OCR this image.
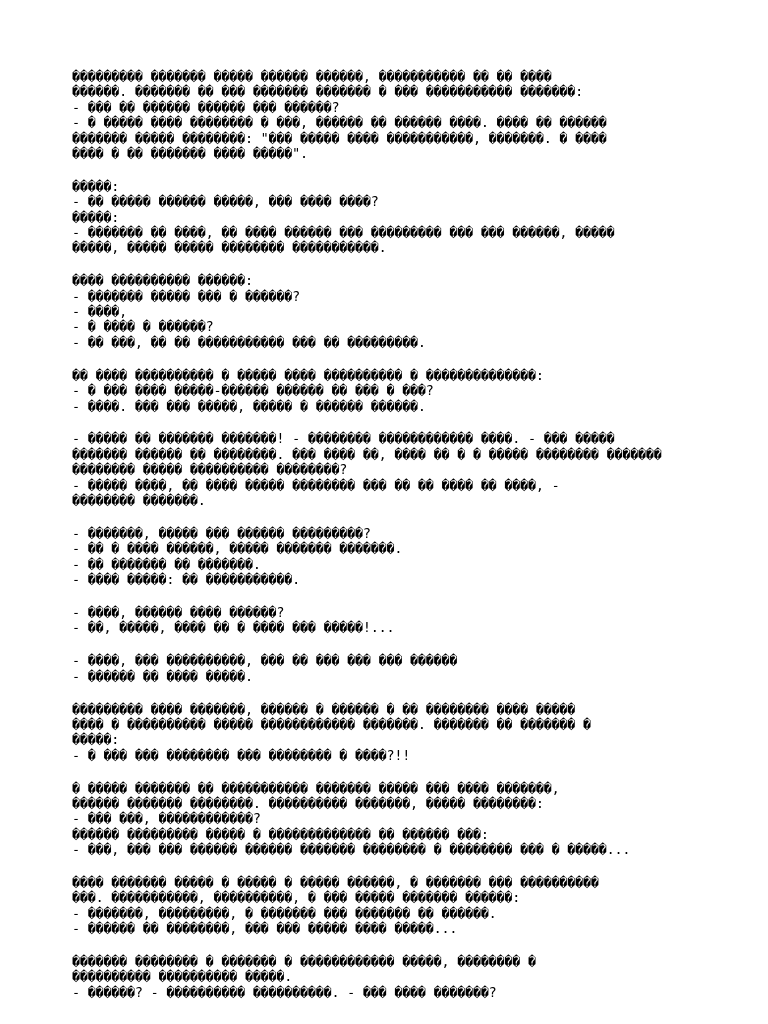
��������� ������� ����� ������ ������, ����������� �� �� ����
������. ������� �� ��� ������� ������� � ��� ����������� �������:
- ��� �� ������ ������ ��� ������?
- � ����� ���� �������� � ���, ������ �� ������ ����. ���� �� ������
������� ����� ��������: "��� ����� ���� �����������, �������. � ����
���� � �� ������� ���� �����".
�����:
- �� ����� ������ �����, ��� ���� ����?
�����:
- ������� �� ����, �� ���� ������ ��� ��������� ��� ��� ������, �����
�����, ����� ����� �������� �����������.
���� ���������� ������:
- ������� ����� ��� � ������?
- ����,
- � ���� � ������?
- �� ���, �� �� ����������� ��� �� ���������.
�� ���� ���������� � ����� ���� ���������� � ��������������:
- � ��� ���� �����-������ ������ �� ��� � ���?
- ����. ��� ��� �����, ����� � ������ ������.
- ����� �� ������� �������! - �������� ������������ ����. - ��� �����
������� ������ �� ��������. ��� ���� ��, ���� �� � � ����� �������� �������
�������� ����� ���������� ��������?
- ����� ����, �� ���� ����� �������� ��� �� �� ���� �� ����, -
�������� �������.
- �������, ����� ��� ������ ���������?
- �� � ���� ������, ����� ������� �������.
- �� ������� �� �������.
- ���� �����: �� �����������.
- ����, ������ ���� ������?
- ��, �����, ���� �� � ���� ��� �����!...
- ����, ��� ����������, ��� �� ��� ��� ��� ������
- ������ �� ���� �����.
��������� ���� �������, ������ � ������ � �� �������� ���� �����
���� � ���������� ����� ������������ �������. ������� �� ������� �
�����:
- � ��� ��� �������� ��� �������� � ����?!!
� ����� ������� �� ����������� ������� ����� ��� ���� �������,
������ ������� ��������. ���������� �������, ����� ��������:
- ��� ���, ������������?
������ ��������� ����� � ������������� �� ������ ���:
- ���, ��� ��� ������ ������ ������� �������� � �������� ��� � �����...
���� ������� ����� � ����� � ����� ������, � ������� ��� ����������
���. �����������, ����������, � ��� ����� ������� ������:
- �������, ���������, � ������� ��� ������� �� ������.
- ������ �� ��������, ��� ��� ����� ���� �����...
������� �������� � ������� � ������������ �����, �������� �
���������� ���������� �����.
- ������? - ���������� ����������. - ��� ���� �������?
